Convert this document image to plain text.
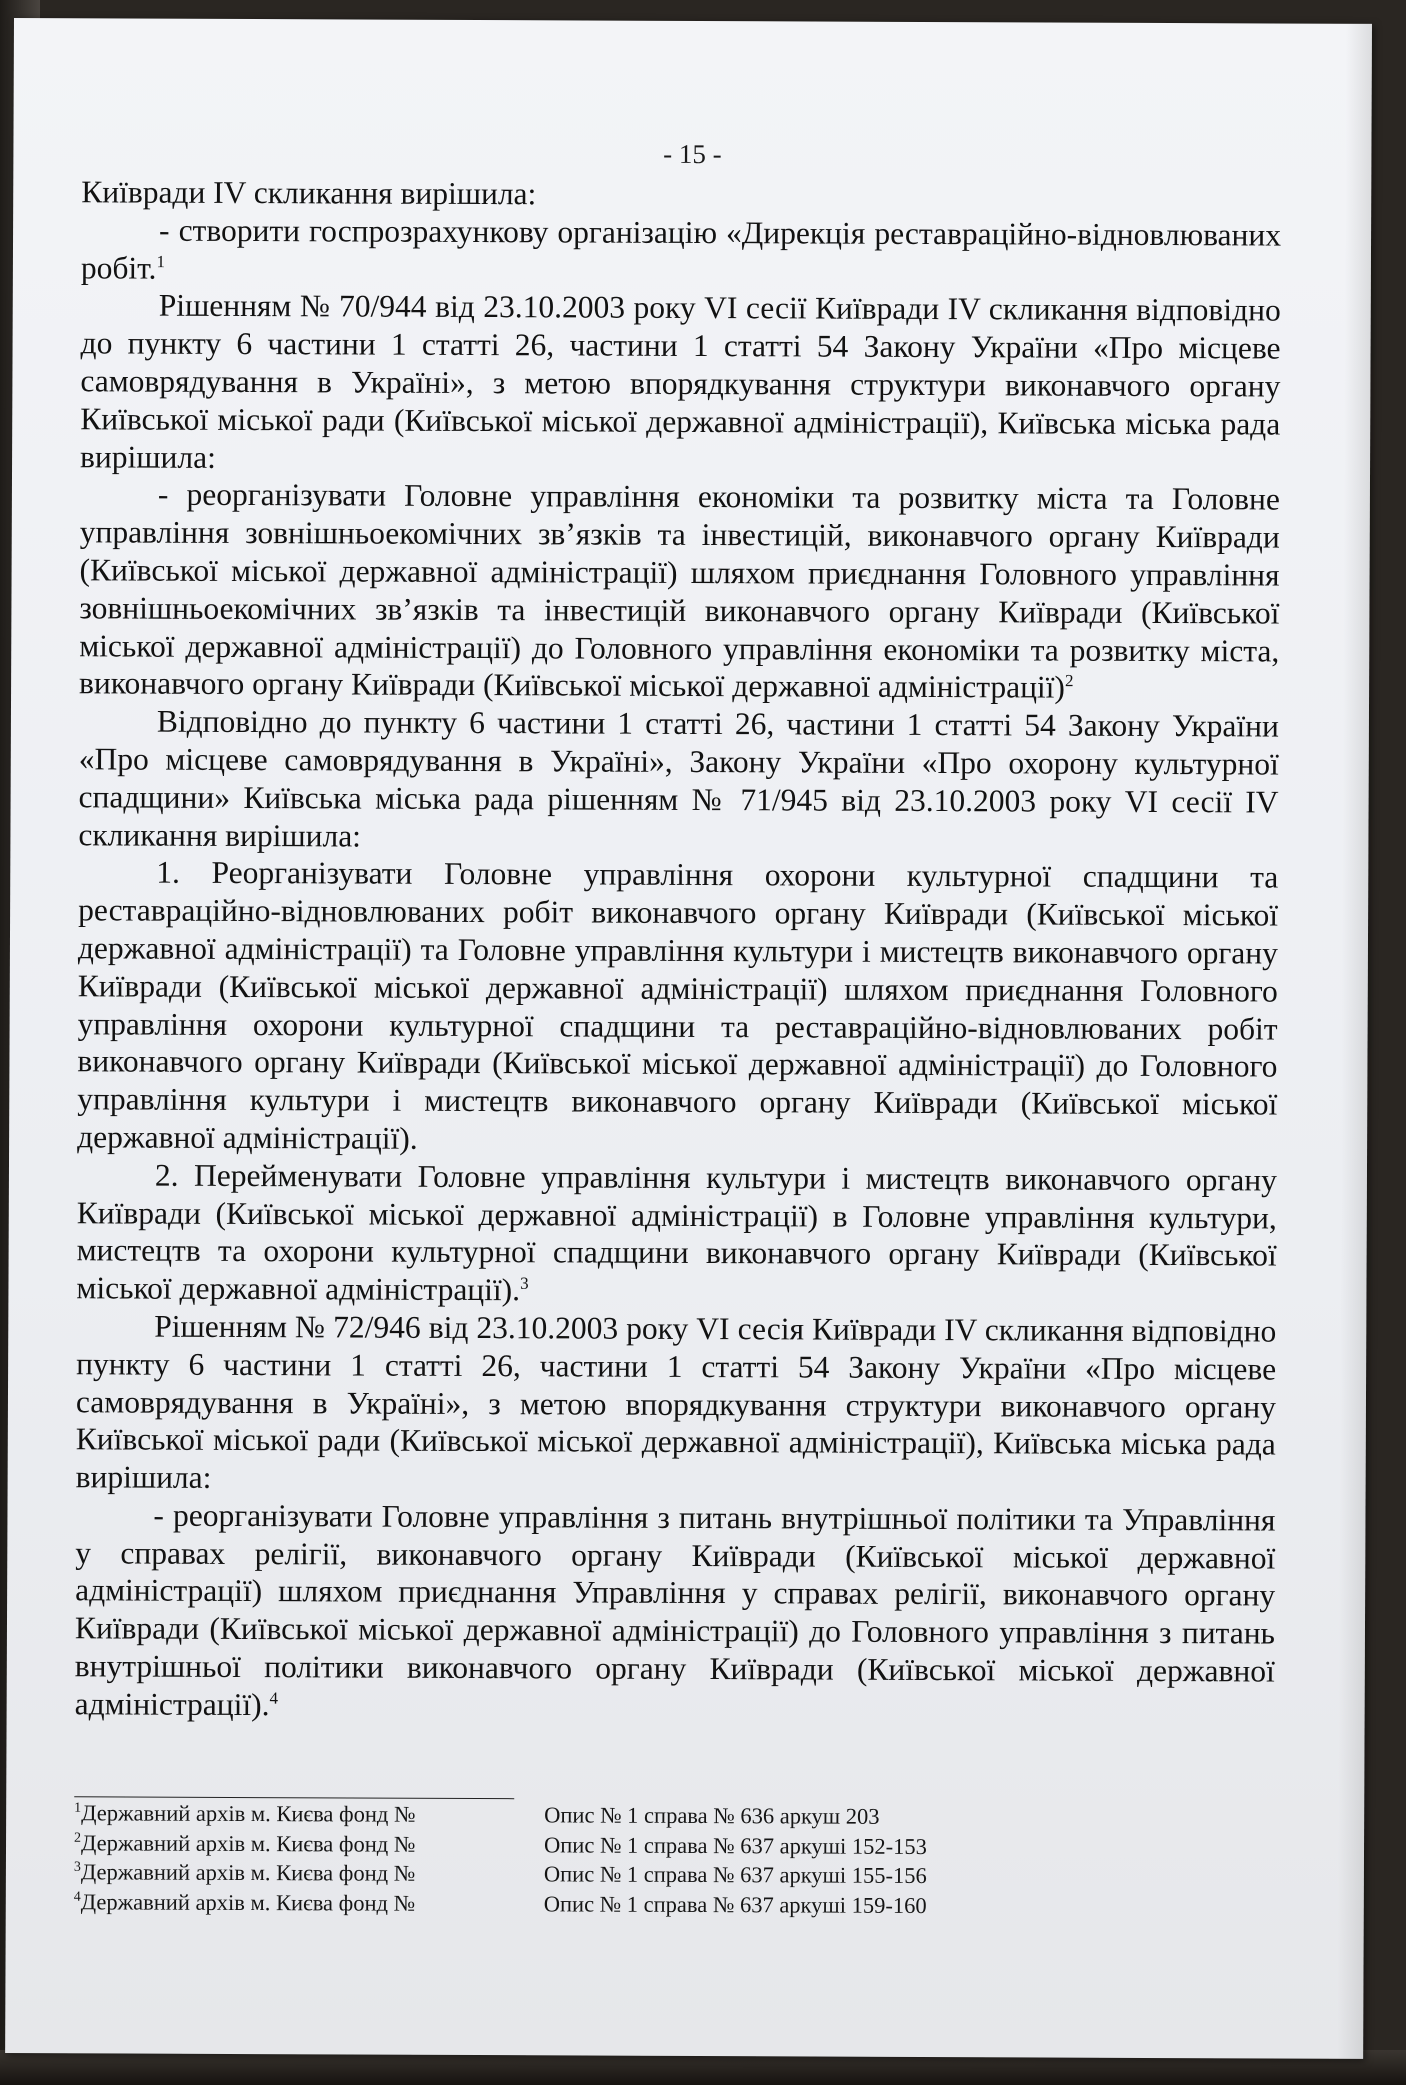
- 15 -

Київради IV скликання вирішила:

- створити госпрозрахункову організацію «Дирекція реставраційно-відновлюваних робіт.$^1$

Рішенням № 70/944 від 23.10.2003 року VI сесії Київради IV скликання відповідно до пункту 6 частини 1 статті 26, частини 1 статті 54 Закону України «Про місцеве самоврядування в Україні», з метою впорядкування структури виконавчого органу Київської міської ради (Київської міської державної адміністрації), Київська міська рада вирішила:

- реорганізувати Головне управління економіки та розвитку міста та Головне управління зовнішньоекомічних зв’язків та інвестицій, виконавчого органу Київради (Київської міської державної адміністрації) шляхом приєднання Головного управління зовнішньоекомічних зв’язків та інвестицій виконавчого органу Київради (Київської міської державної адміністрації) до Головного управління економіки та розвитку міста, виконавчого органу Київради (Київської міської державної адміністрації)$^2$

Відповідно до пункту 6 частини 1 статті 26, частини 1 статті 54 Закону України «Про місцеве самоврядування в Україні», Закону України «Про охорону культурної спадщини» Київська міська рада рішенням № 71/945 від 23.10.2003 року VI сесії IV скликання вирішила:

1. Реорганізувати Головне управління охорони культурної спадщини та реставраційно-відновлюваних робіт виконавчого органу Київради (Київської міської державної адміністрації) та Головне управління культури і мистецтв виконавчого органу Київради (Київської міської державної адміністрації) шляхом приєднання Головного управління охорони культурної спадщини та реставраційно-відновлюваних робіт виконавчого органу Київради (Київської міської державної адміністрації) до Головного управління культури і мистецтв виконавчого органу Київради (Київської міської державної адміністрації).

2. Перейменувати Головне управління культури і мистецтв виконавчого органу Київради (Київської міської державної адміністрації) в Головне управління культури, мистецтв та охорони культурної спадщини виконавчого органу Київради (Київської міської державної адміністрації).$^3$

Рішенням № 72/946 від 23.10.2003 року VI сесія Київради IV скликання відповідно пункту 6 частини 1 статті 26, частини 1 статті 54 Закону України «Про місцеве самоврядування в Україні», з метою впорядкування структури виконавчого органу Київської міської ради (Київської міської державної адміністрації), Київська міська рада вирішила:

- реорганізувати Головне управління з питань внутрішньої політики та Управління у справах релігії, виконавчого органу Київради (Київської міської державної адміністрації) шляхом приєднання Управління у справах релігії, виконавчого органу Київради (Київської міської державної адміністрації) до Головного управління з питань внутрішньої політики виконавчого органу Київради (Київської міської державної адміністрації).$^4$

$^1$Державний архів м. Києва фонд №	Опис № 1 справа № 636 аркуш 203
$^2$Державний архів м. Києва фонд №	Опис № 1 справа № 637 аркуші 152-153
$^3$Державний архів м. Києва фонд №	Опис № 1 справа № 637 аркуші 155-156
$^4$Державний архів м. Києва фонд №	Опис № 1 справа № 637 аркуші 159-160
